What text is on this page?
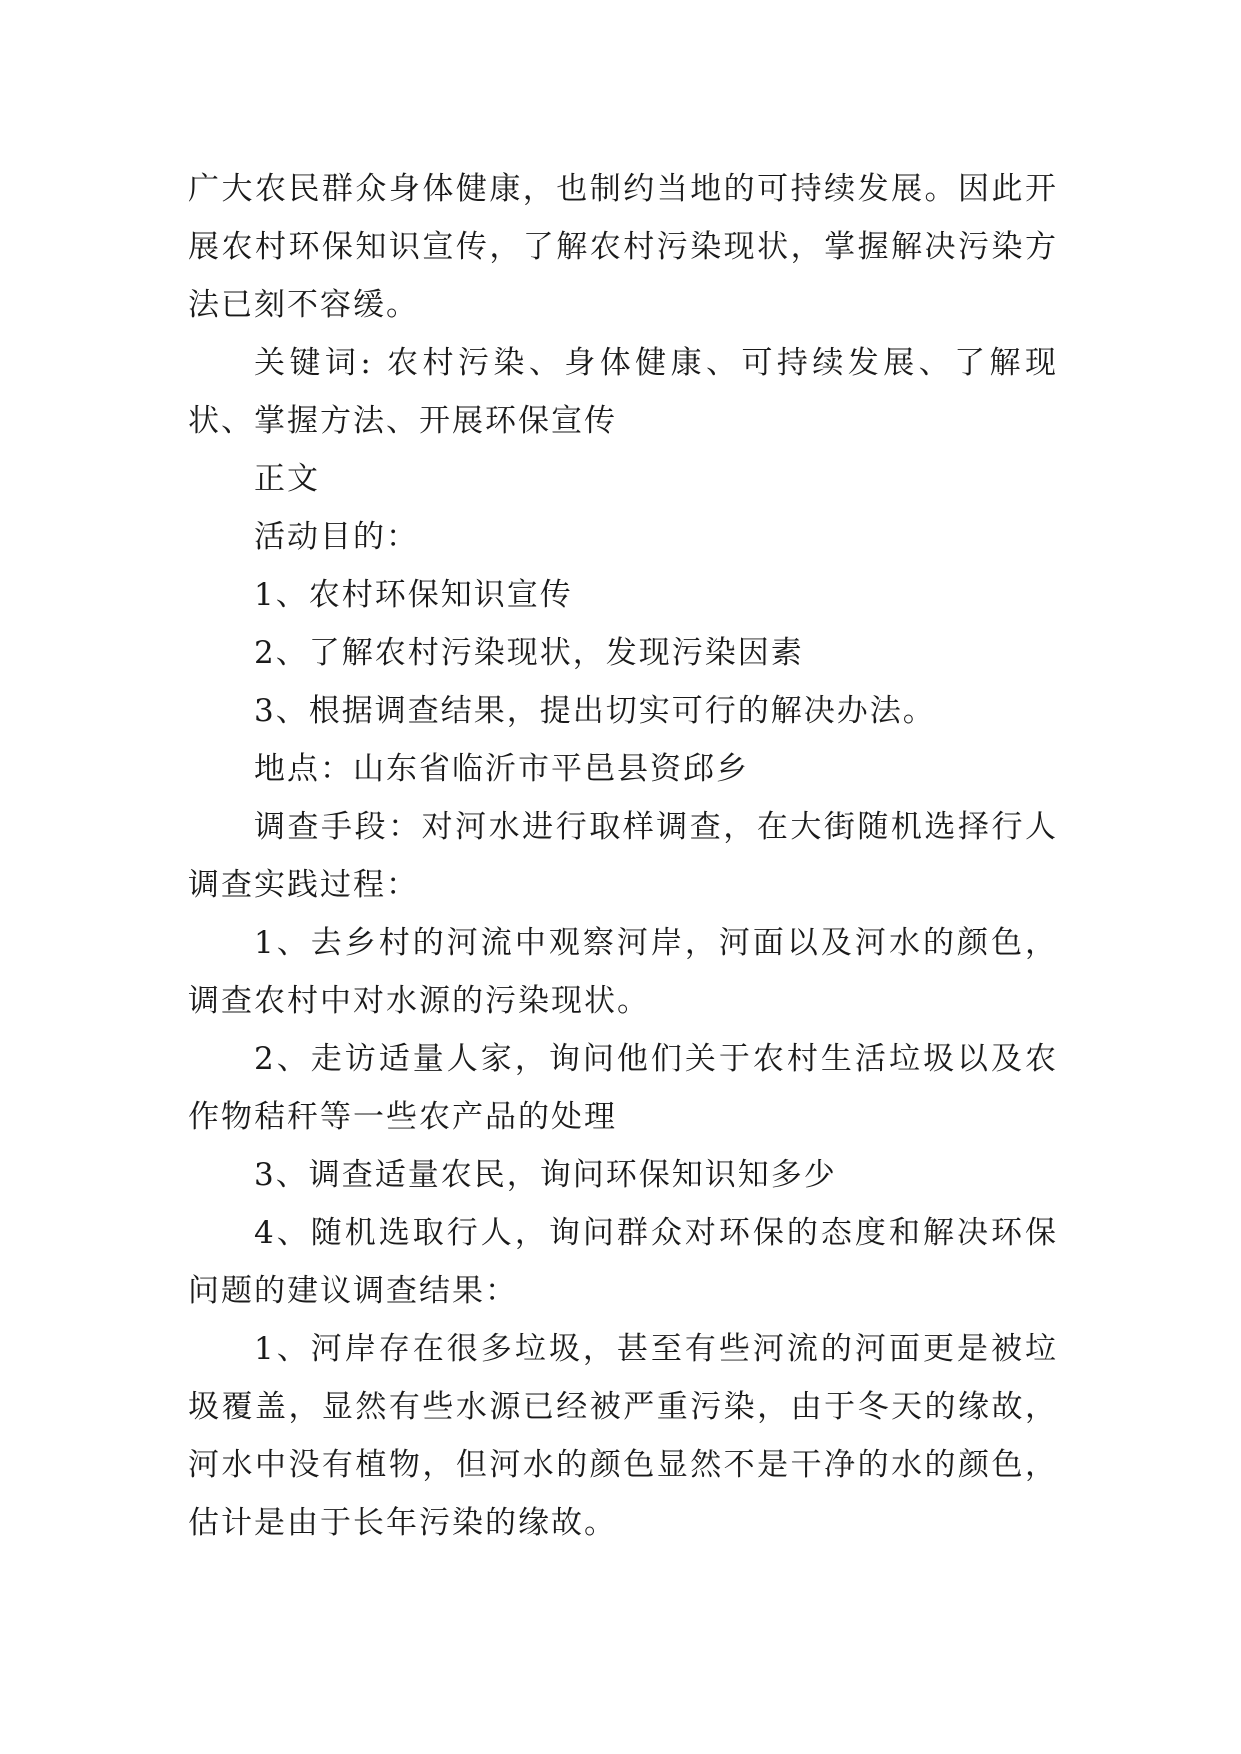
广大农民群众身体健康，也制约当地的可持续发展。因此开展农村环保知识宣传，了解农村污染现状，掌握解决污染方法已刻不容缓。

关键词: 农村污染、身体健康、可持续发展、了解现状、掌握方法、开展环保宣传

正文

活动目的：

1、农村环保知识宣传

2、了解农村污染现状，发现污染因素

3、根据调查结果，提出切实可行的解决办法。

地点：山东省临沂市平邑县资邱乡

调查手段：对河水进行取样调查，在大街随机选择行人调查实践过程：

1、去乡村的河流中观察河岸，河面以及河水的颜色，调查农村中对水源的污染现状。

2、走访适量人家，询问他们关于农村生活垃圾以及农作物秸秆等一些农产品的处理

3、调查适量农民，询问环保知识知多少

4、随机选取行人，询问群众对环保的态度和解决环保问题的建议调查结果：

1、河岸存在很多垃圾，甚至有些河流的河面更是被垃圾覆盖，显然有些水源已经被严重污染，由于冬天的缘故，河水中没有植物，但河水的颜色显然不是干净的水的颜色，估计是由于长年污染的缘故。
